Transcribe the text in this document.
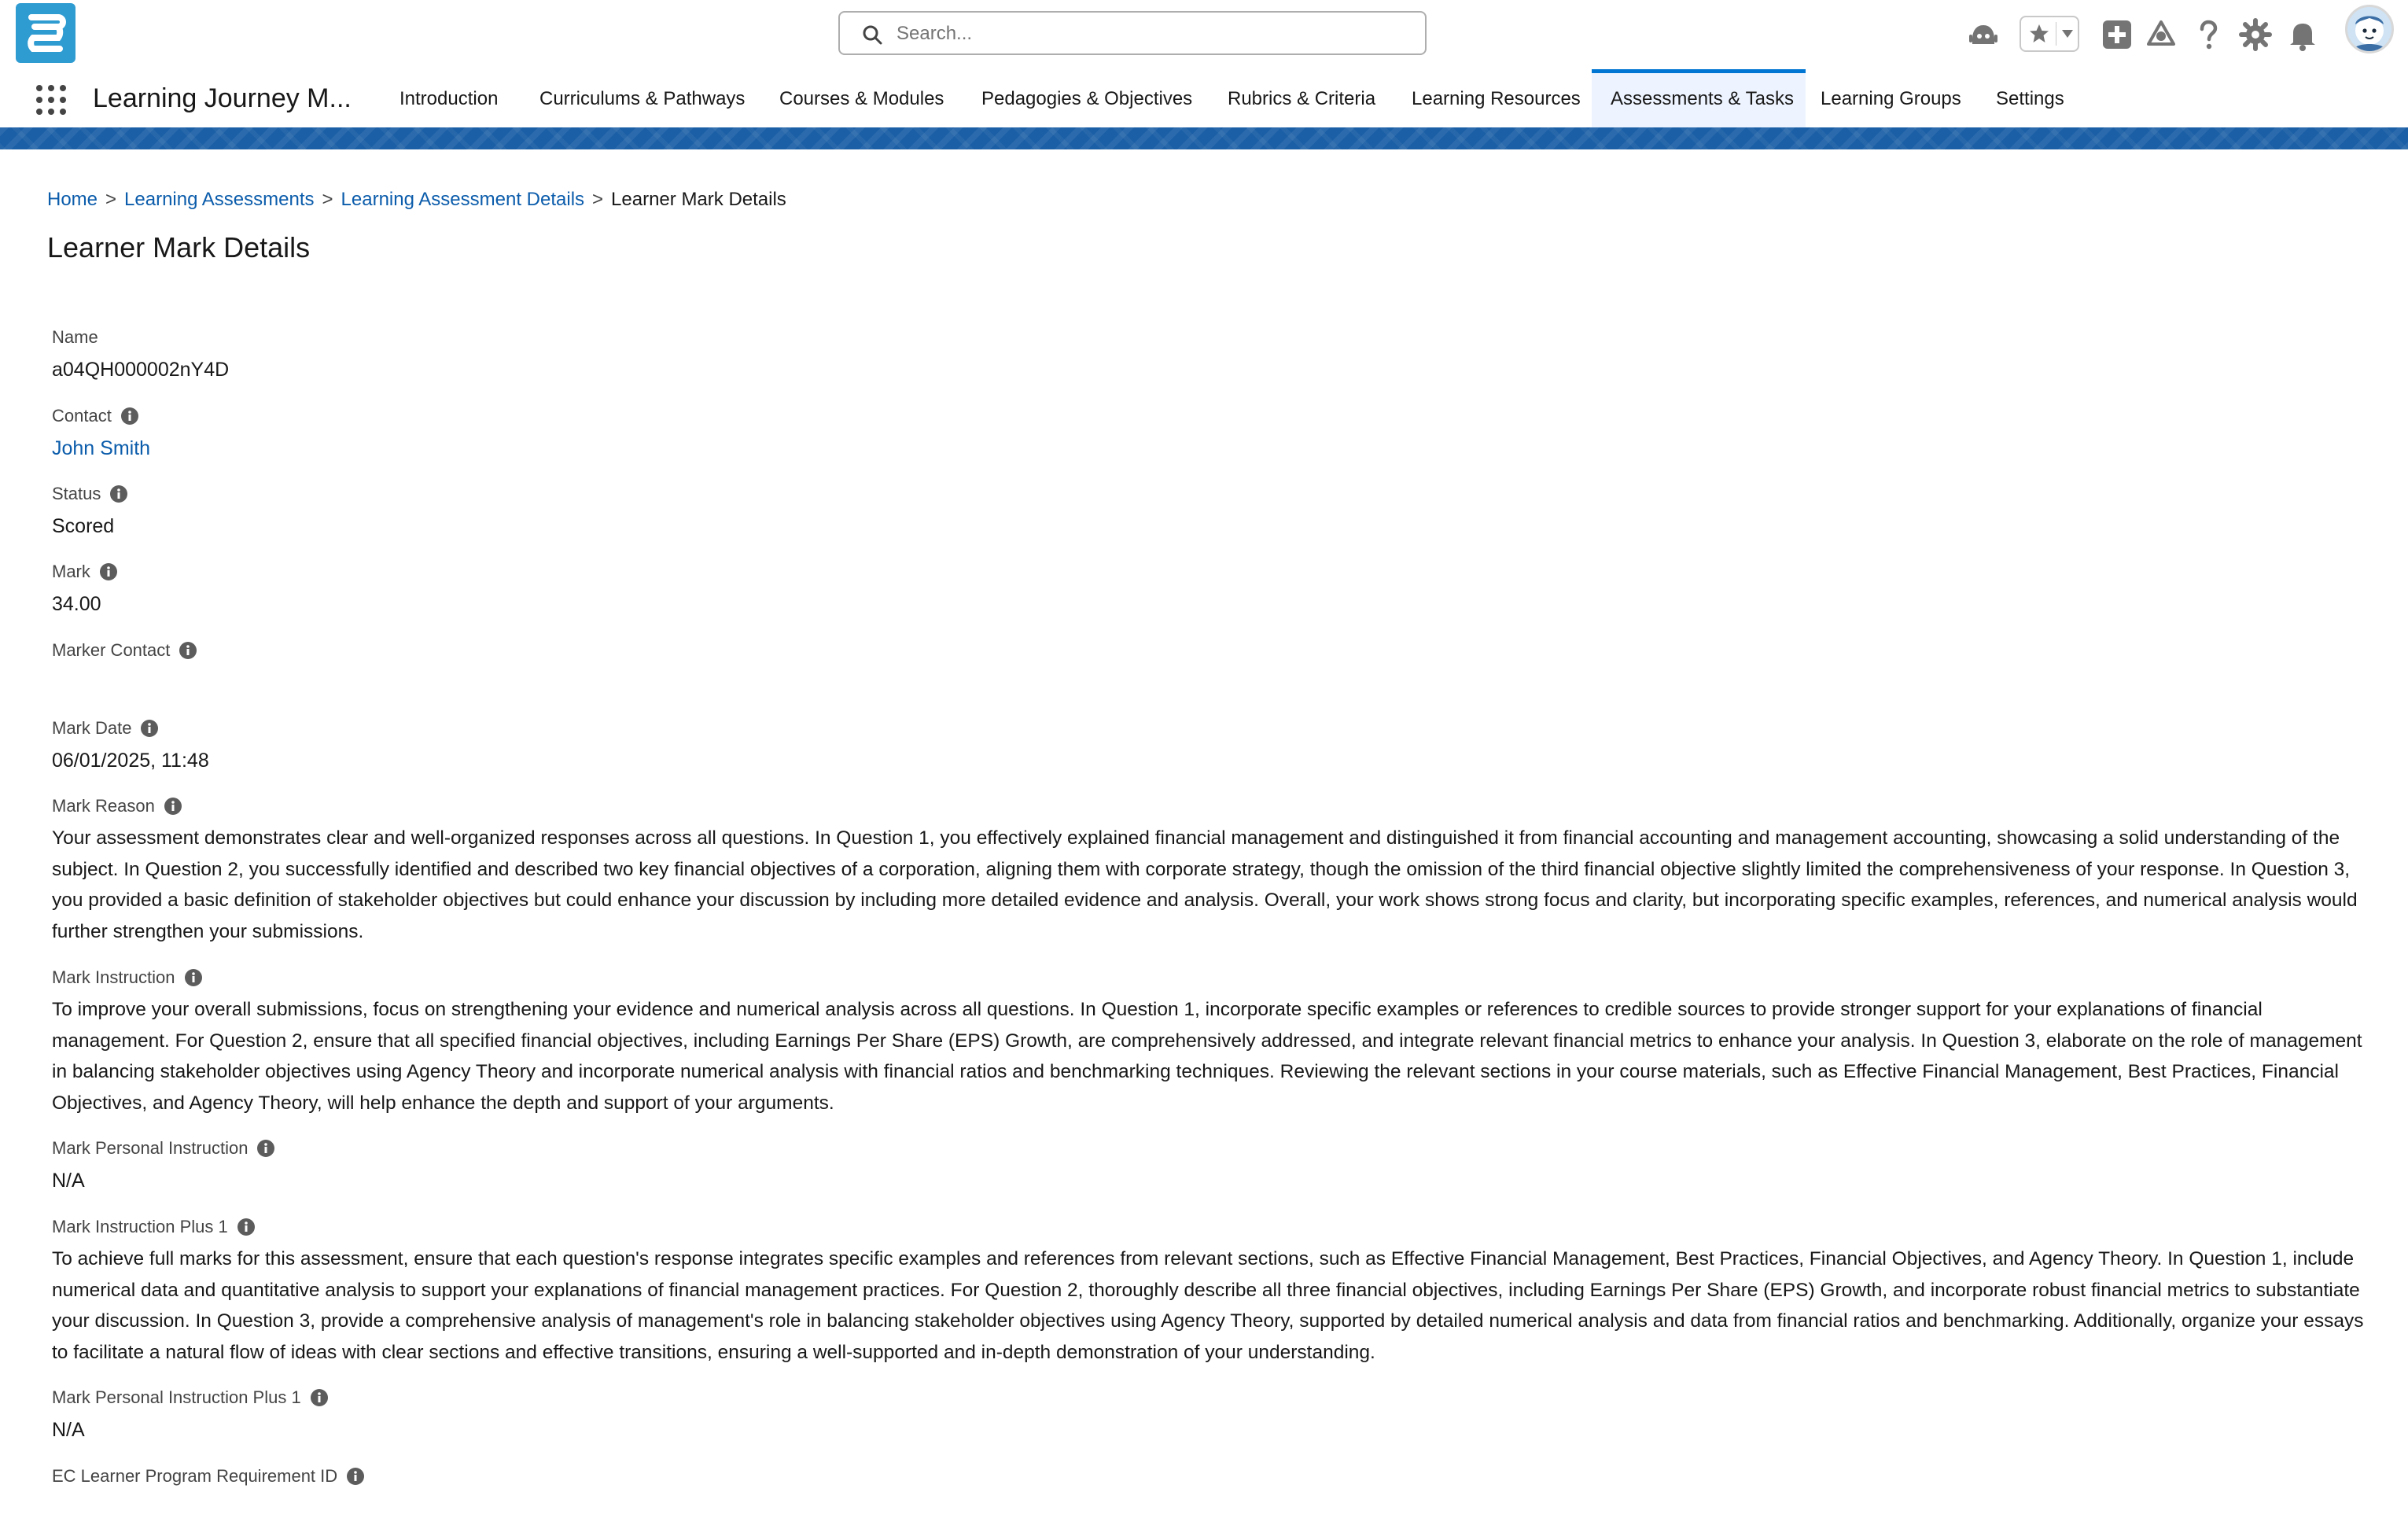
Search...
Learning Journey M...	Introduction	Curriculums & Pathways	Courses & Modules	Pedagogies & Objectives	Rubrics & Criteria	Learning Resources	Assessments & Tasks	Learning Groups	Settings
Home > Learning Assessments > Learning Assessment Details > Learner Mark Details
Learner Mark Details
Name
a04QH000002nY4D
Contact
John Smith
Status
Scored
Mark
34.00
Marker Contact
Mark Date
06/01/2025, 11:48
Mark Reason
Your assessment demonstrates clear and well-organized responses across all questions. In Question 1, you effectively explained financial management and distinguished it from financial accounting and management accounting, showcasing a solid understanding of the subject. In Question 2, you successfully identified and described two key financial objectives of a corporation, aligning them with corporate strategy, though the omission of the third financial objective slightly limited the comprehensiveness of your response. In Question 3, you provided a basic definition of stakeholder objectives but could enhance your discussion by including more detailed evidence and analysis. Overall, your work shows strong focus and clarity, but incorporating specific examples, references, and numerical analysis would further strengthen your submissions.
Mark Instruction
To improve your overall submissions, focus on strengthening your evidence and numerical analysis across all questions. In Question 1, incorporate specific examples or references to credible sources to provide stronger support for your explanations of financial management. For Question 2, ensure that all specified financial objectives, including Earnings Per Share (EPS) Growth, are comprehensively addressed, and integrate relevant financial metrics to enhance your analysis. In Question 3, elaborate on the role of management in balancing stakeholder objectives using Agency Theory and incorporate numerical analysis with financial ratios and benchmarking techniques. Reviewing the relevant sections in your course materials, such as Effective Financial Management, Best Practices, Financial Objectives, and Agency Theory, will help enhance the depth and support of your arguments.
Mark Personal Instruction
N/A
Mark Instruction Plus 1
To achieve full marks for this assessment, ensure that each question's response integrates specific examples and references from relevant sections, such as Effective Financial Management, Best Practices, Financial Objectives, and Agency Theory. In Question 1, include numerical data and quantitative analysis to support your explanations of financial management practices. For Question 2, thoroughly describe all three financial objectives, including Earnings Per Share (EPS) Growth, and incorporate robust financial metrics to substantiate your discussion. In Question 3, provide a comprehensive analysis of management's role in balancing stakeholder objectives using Agency Theory, supported by detailed numerical analysis and data from financial ratios and benchmarking. Additionally, organize your essays to facilitate a natural flow of ideas with clear sections and effective transitions, ensuring a well-supported and in-depth demonstration of your understanding.
Mark Personal Instruction Plus 1
N/A
EC Learner Program Requirement ID
